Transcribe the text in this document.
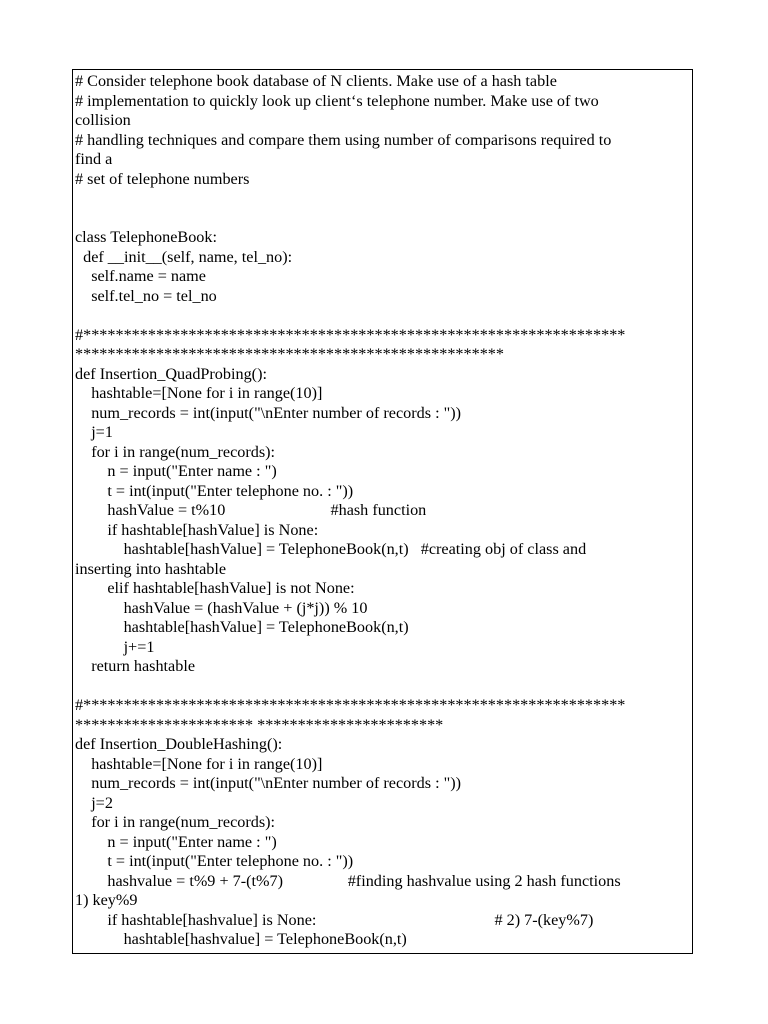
# Consider telephone book database of N clients. Make use of a hash table
# implementation to quickly look up client‘s telephone number. Make use of two
collision
# handling techniques and compare them using number of comparisons required to
find a
# set of telephone numbers
class TelephoneBook:
def __init__(self, name, tel_no):
self.name = name
self.tel_no = tel_no
#*******************************************************************
*****************************************************
def Insertion_QuadProbing():
hashtable=[None for i in range(10)]
num_records = int(input("\nEnter number of records : "))
j=1
for i in range(num_records):
n = input("Enter name : ")
t = int(input("Enter telephone no. : "))
hashValue = t%10                          #hash function
if hashtable[hashValue] is None:
hashtable[hashValue] = TelephoneBook(n,t)   #creating obj of class and
inserting into hashtable
elif hashtable[hashValue] is not None:
hashValue = (hashValue + (j*j)) % 10
hashtable[hashValue] = TelephoneBook(n,t)
j+=1
return hashtable
#*******************************************************************
********************** ***********************
def Insertion_DoubleHashing():
hashtable=[None for i in range(10)]
num_records = int(input("\nEnter number of records : "))
j=2
for i in range(num_records):
n = input("Enter name : ")
t = int(input("Enter telephone no. : "))
hashvalue = t%9 + 7-(t%7)                #finding hashvalue using 2 hash functions
1) key%9
if hashtable[hashvalue] is None:                                            # 2) 7-(key%7)
hashtable[hashvalue] = TelephoneBook(n,t)
